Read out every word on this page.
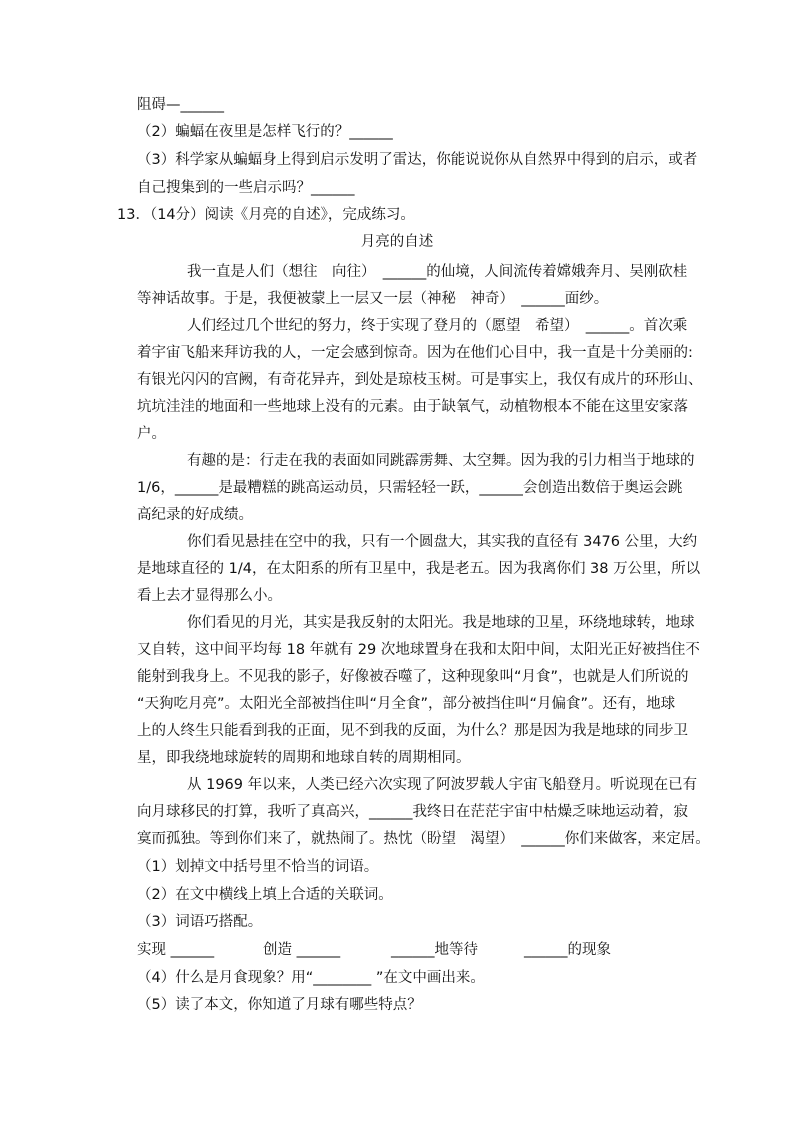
阻碍—______
（2）蝙蝠在夜里是怎样飞行的？______
（3）科学家从蝙蝠身上得到启示发明了雷达，你能说说你从自然界中得到的启示，或者
自己搜集到的一些启示吗？______
13．（14分）阅读《月亮的自述》，完成练习。
月亮的自述
我一直是人们（想往　向往）　______的仙境，人间流传着嫦娥奔月、吴刚砍桂
等神话故事。于是，我便被蒙上一层又一层（神秘　神奇）　______面纱。
人们经过几个世纪的努力，终于实现了登月的（愿望　希望）　______。首次乘
着宇宙飞船来拜访我的人，一定会感到惊奇。因为在他们心目中，我一直是十分美丽的:
有银光闪闪的宫阙，有奇花异卉，到处是琼枝玉树。可是事实上，我仅有成片的环形山、
坑坑洼洼的地面和一些地球上没有的元素。由于缺氧气，动植物根本不能在这里安家落
户。
有趣的是：行走在我的表面如同跳霹雳舞、太空舞。因为我的引力相当于地球的
1/6，______是最糟糕的跳高运动员，只需轻轻一跃，______会创造出数倍于奥运会跳
高纪录的好成绩。
你们看见悬挂在空中的我，只有一个圆盘大，其实我的直径有 3476 公里，大约
是地球直径的 1/4，在太阳系的所有卫星中，我是老五。因为我离你们 38 万公里，所以
看上去才显得那么小。
你们看见的月光，其实是我反射的太阳光。我是地球的卫星，环绕地球转，地球
又自转，这中间平均每 18 年就有 29 次地球置身在我和太阳中间，太阳光正好被挡住不
能射到我身上。不见我的影子，好像被吞噬了，这种现象叫“月食”，也就是人们所说的
“天狗吃月亮”。太阳光全部被挡住叫“月全食”，部分被挡住叫“月偏食”。还有，地球
上的人终生只能看到我的正面，见不到我的反面，为什么？那是因为我是地球的同步卫
星，即我绕地球旋转的周期和地球自转的周期相同。
从 1969 年以来，人类已经六次实现了阿波罗载人宇宙飞船登月。听说现在已有
向月球移民的打算，我听了真高兴，______我终日在茫茫宇宙中枯燥乏味地运动着，寂
寞而孤独。等到你们来了，就热闹了。热忱（盼望　渴望）　______你们来做客，来定居。
（1）划掉文中括号里不恰当的词语。
（2）在文中横线上填上合适的关联词。
（3）词语巧搭配。
实现 ______	创造 ______	______地等待	______的现象
（4）什么是月食现象？用“________ ”在文中画出来。
（5）读了本文，你知道了月球有哪些特点？
